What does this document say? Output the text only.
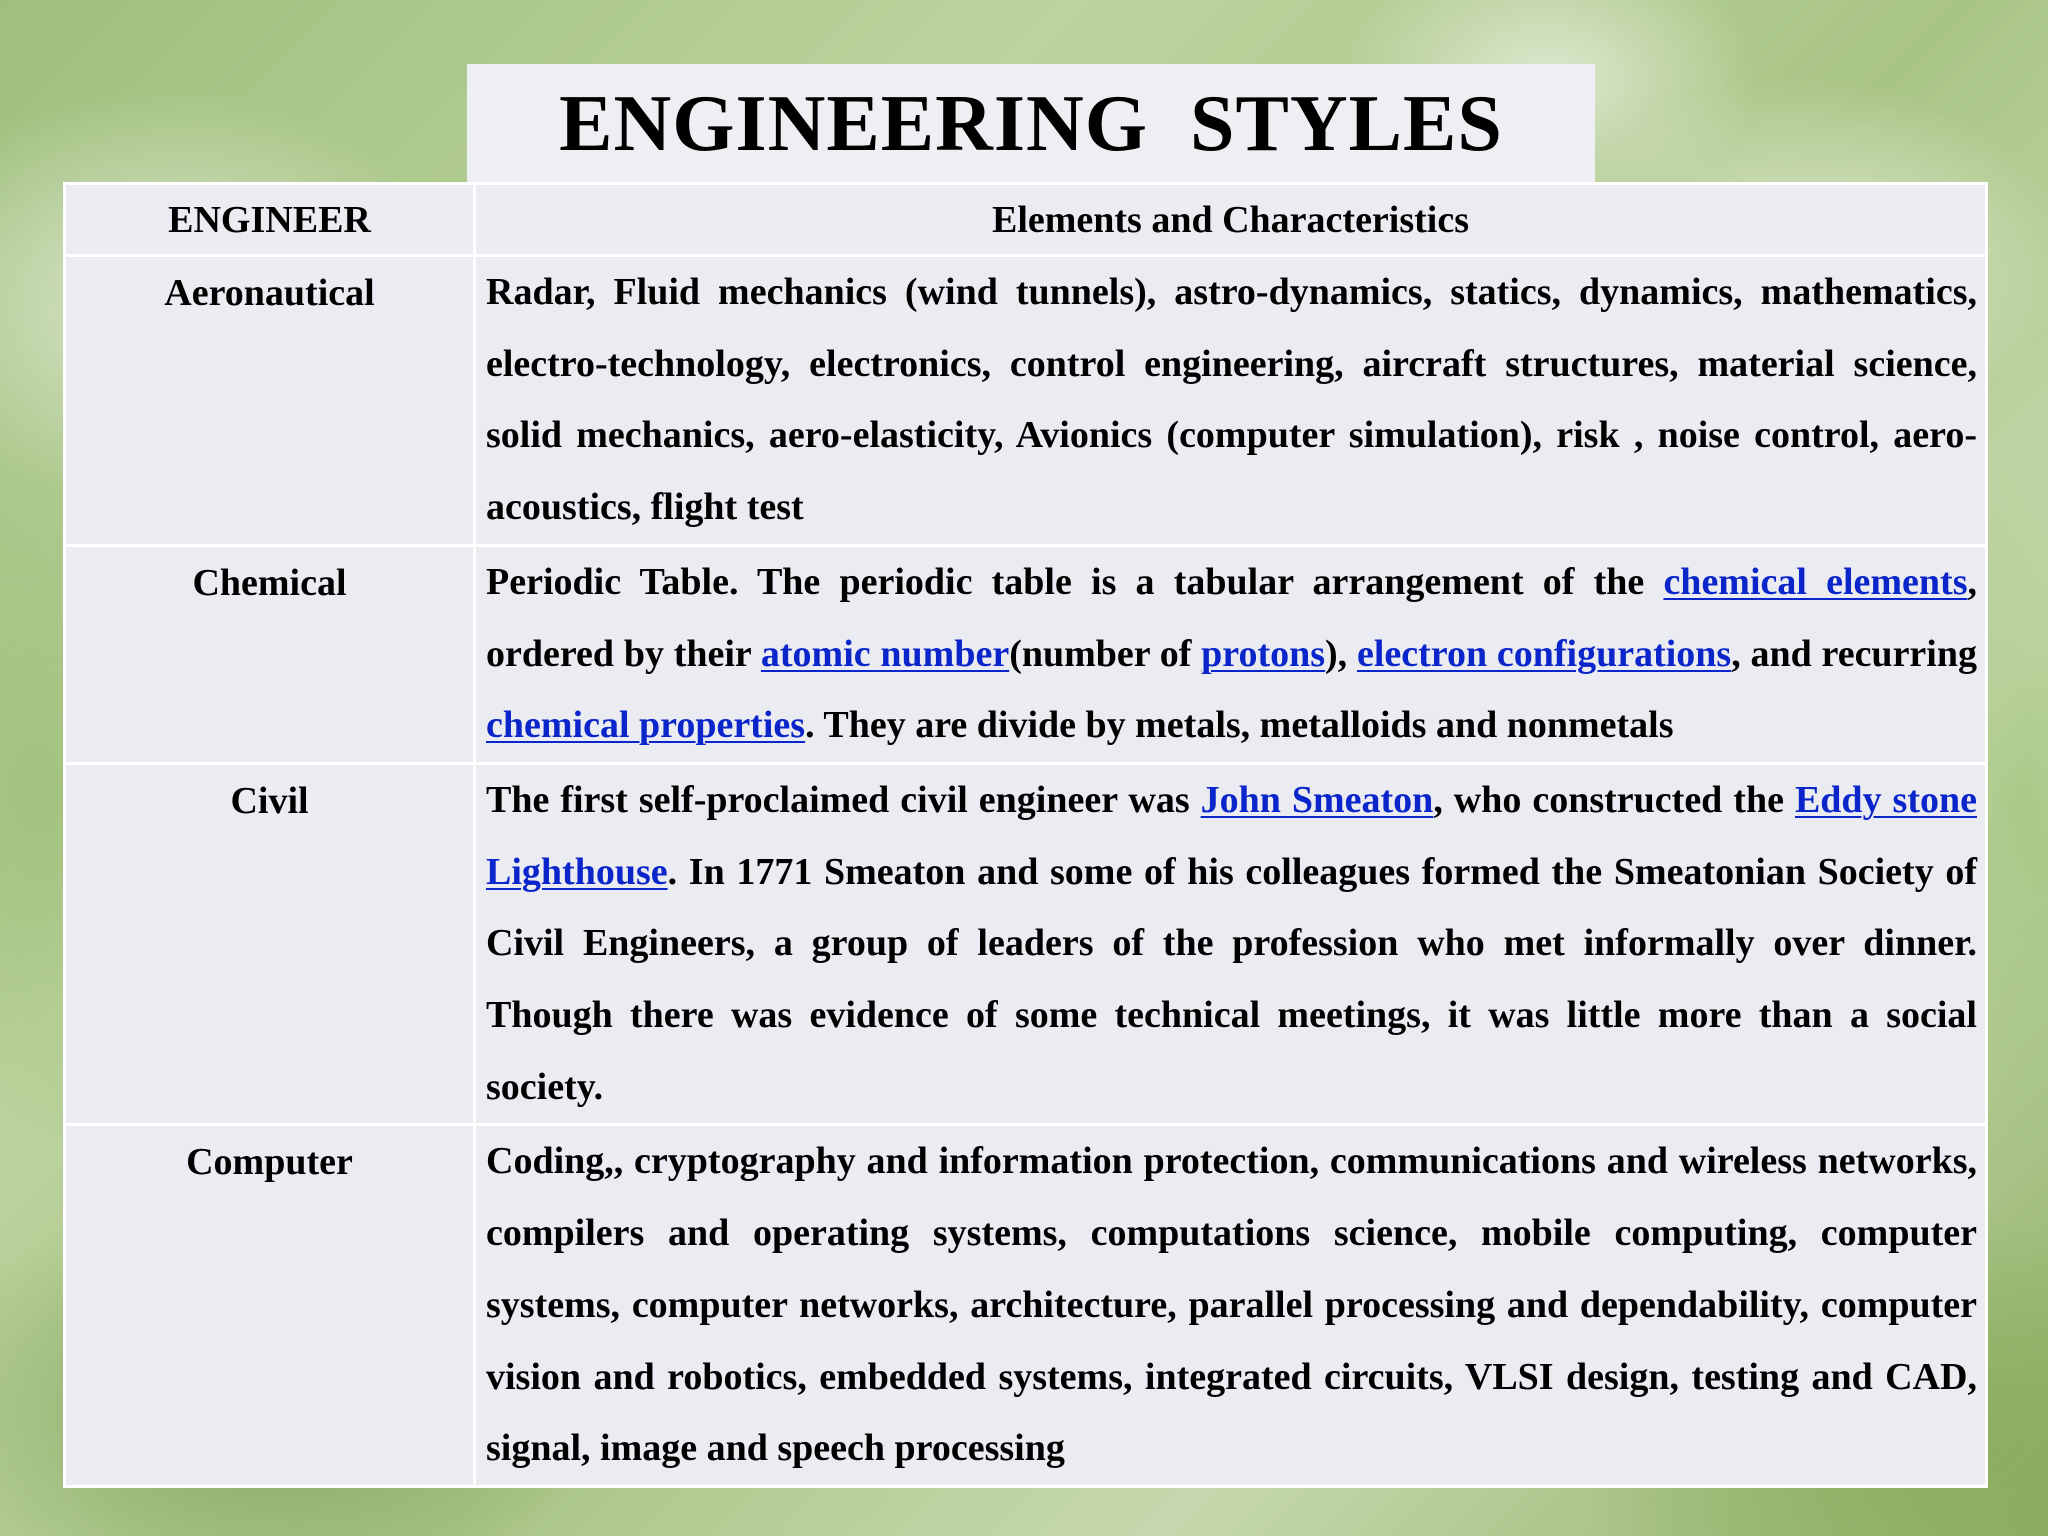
ENGINEERING  STYLES
ENGINEER	Elements and Characteristics
Aeronautical	Radar, Fluid mechanics (wind tunnels), astro-dynamics, statics, dynamics, mathematics, electro-technology, electronics, control engineering, aircraft structures, material science, solid mechanics, aero-elasticity, Avionics (computer simulation), risk , noise control, aero-acoustics, flight test
Chemical	Periodic Table. The periodic table is a tabular arrangement of the chemical elements, ordered by their atomic number(number of protons), electron configurations, and recurring chemical properties. They are divide by metals, metalloids and nonmetals
Civil	The first self-proclaimed civil engineer was John Smeaton, who constructed the Eddy stone Lighthouse. In 1771 Smeaton and some of his colleagues formed the Smeatonian Society of Civil Engineers, a group of leaders of the profession who met informally over dinner. Though there was evidence of some technical meetings, it was little more than a social society.
Computer	Coding,, cryptography and information protection, communications and wireless networks, compilers and operating systems, computations science, mobile computing, computer systems, computer networks, architecture, parallel processing and dependability, computer vision and robotics, embedded systems, integrated circuits, VLSI design, testing and CAD, signal, image and speech processing
